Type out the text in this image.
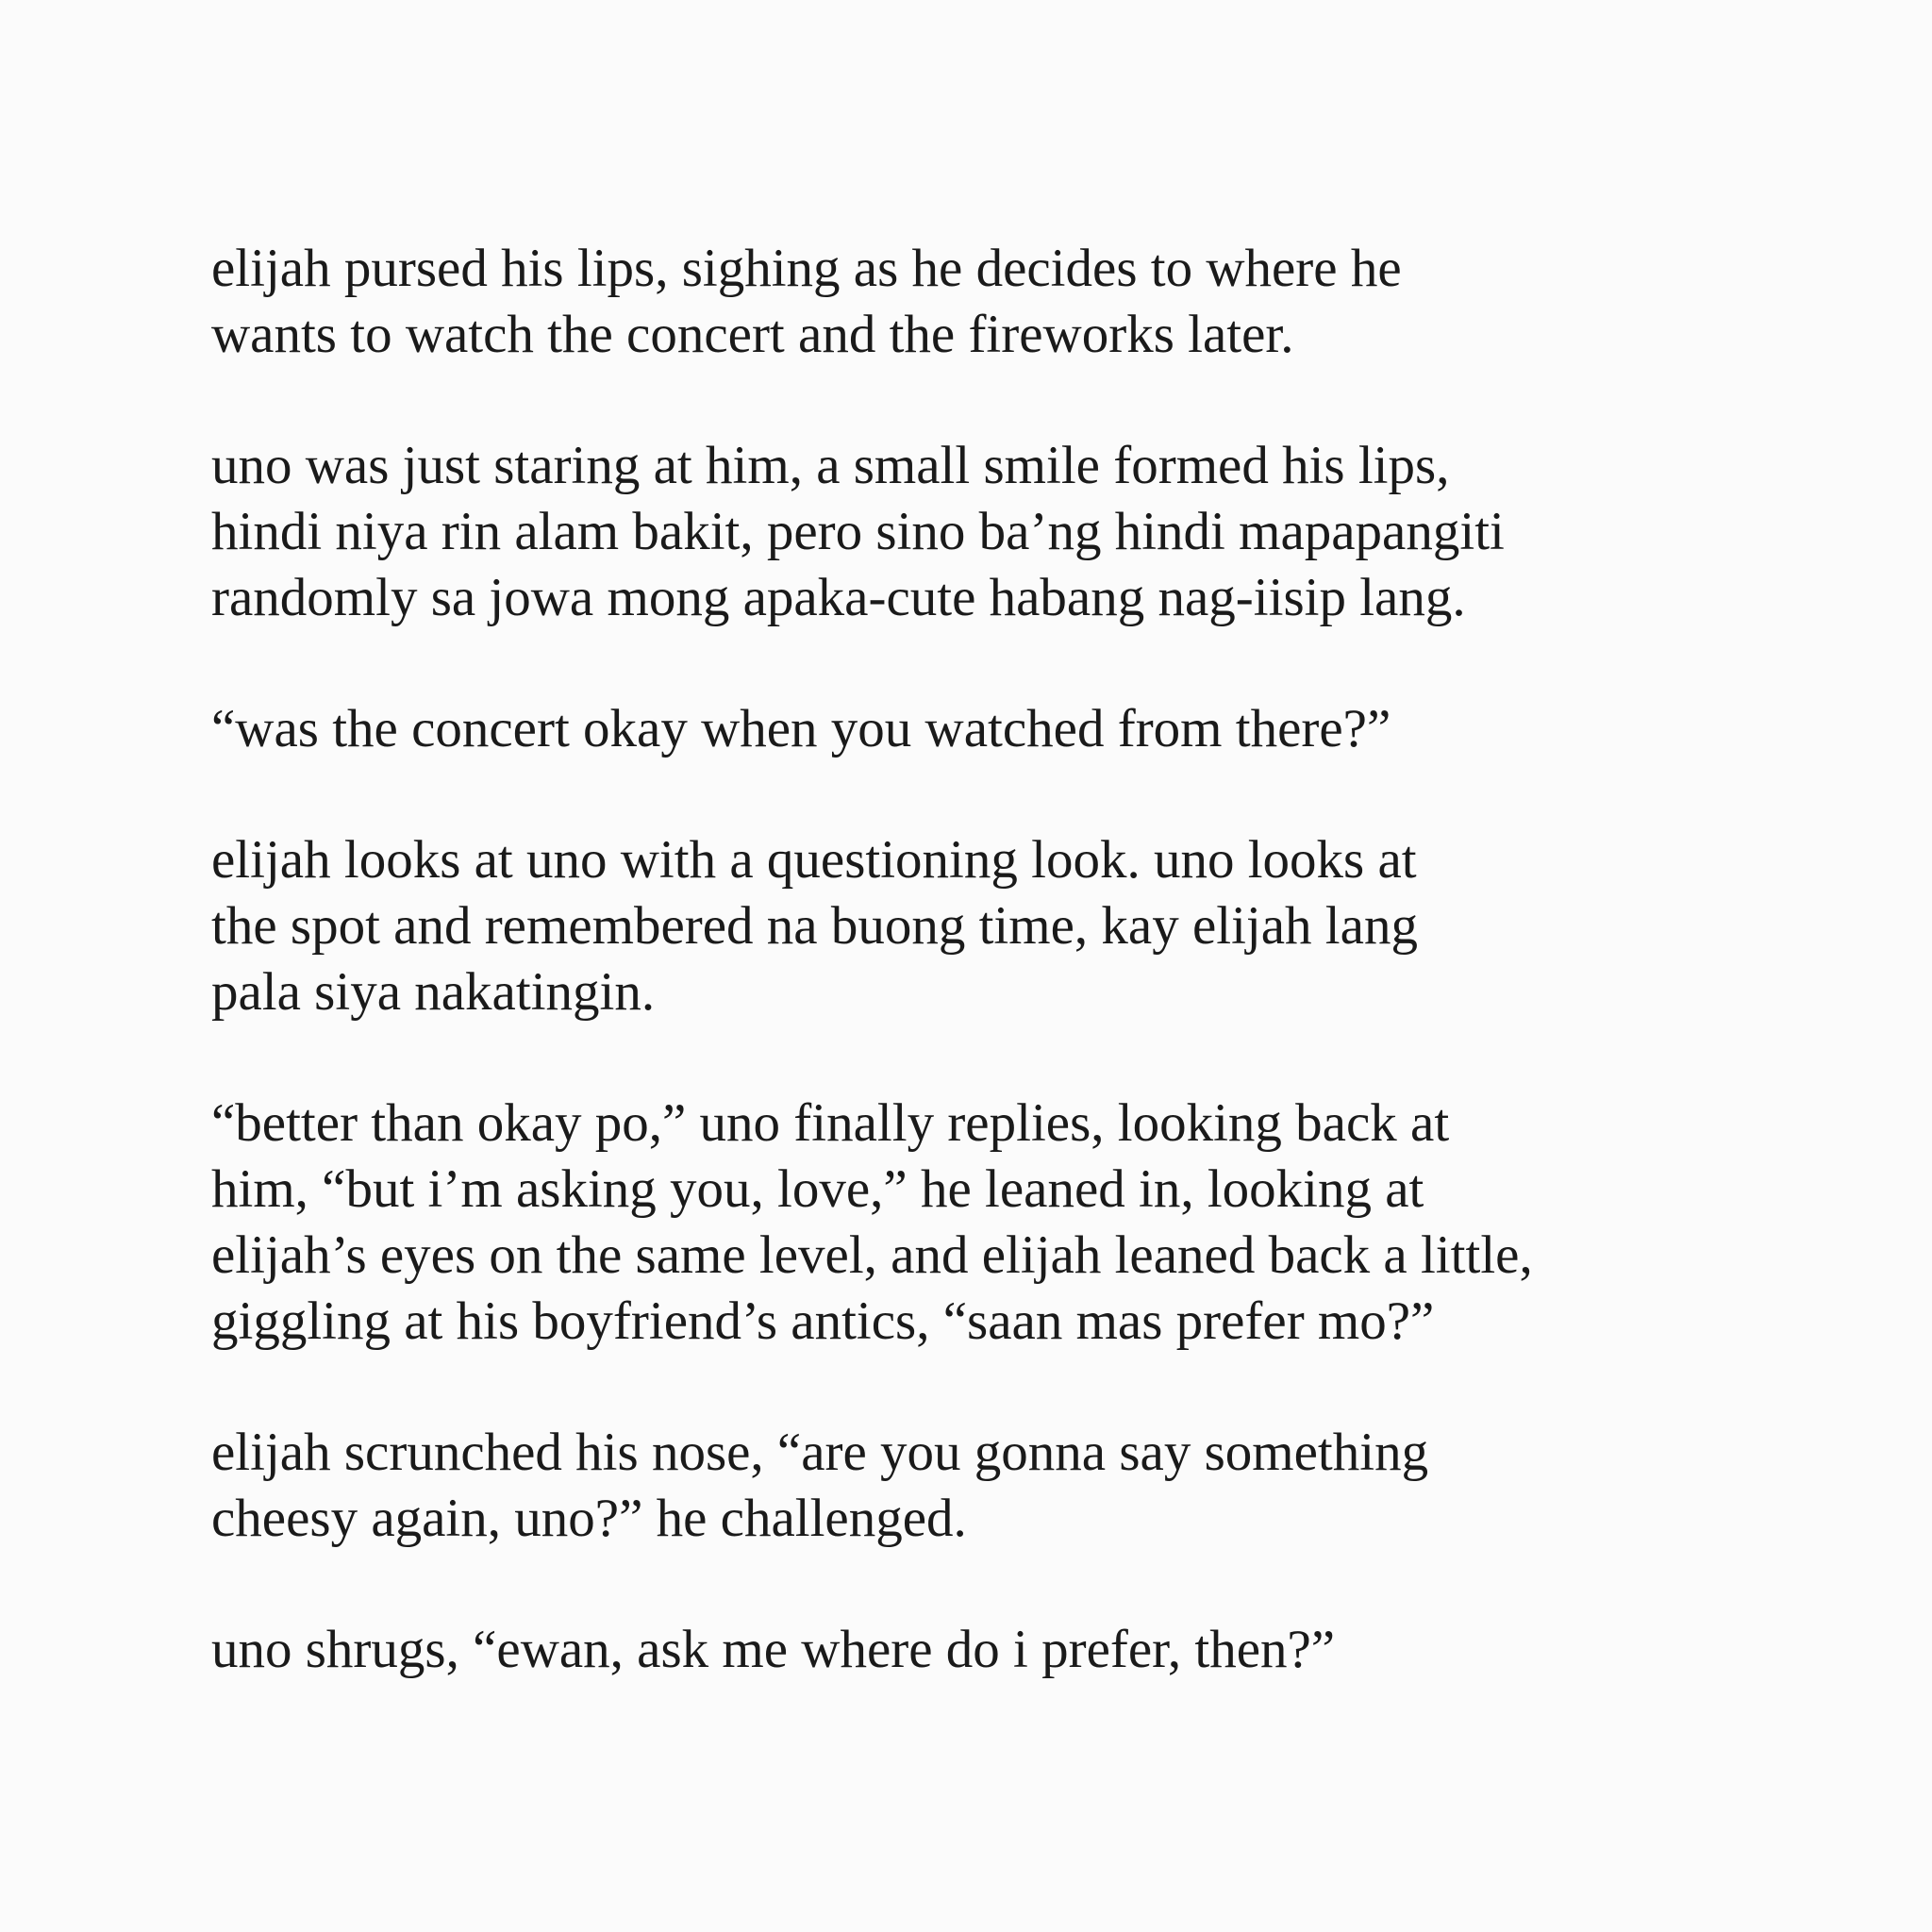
elijah pursed his lips, sighing as he decides to where he
wants to watch the concert and the fireworks later.

uno was just staring at him, a small smile formed his lips,
hindi niya rin alam bakit, pero sino ba’ng hindi mapapangiti
randomly sa jowa mong apaka-cute habang nag-iisip lang.

“was the concert okay when you watched from there?”

elijah looks at uno with a questioning look. uno looks at
the spot and remembered na buong time, kay elijah lang
pala siya nakatingin.

“better than okay po,” uno finally replies, looking back at
him, “but i’m asking you, love,” he leaned in, looking at
elijah’s eyes on the same level, and elijah leaned back a little,
giggling at his boyfriend’s antics, “saan mas prefer mo?”

elijah scrunched his nose, “are you gonna say something
cheesy again, uno?” he challenged.

uno shrugs, “ewan, ask me where do i prefer, then?”
